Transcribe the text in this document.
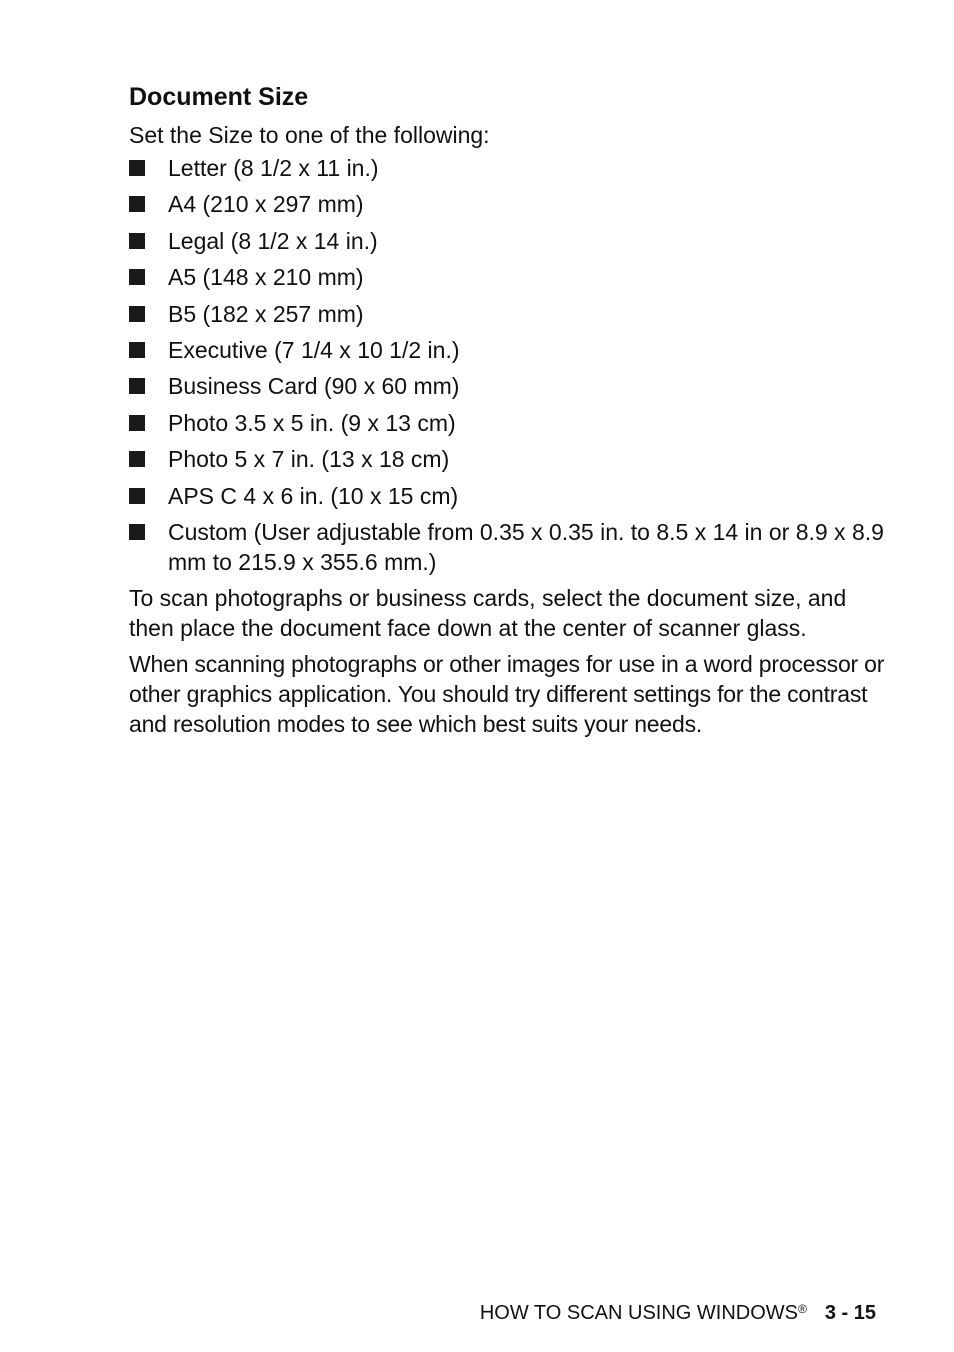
Document Size

Set the Size to one of the following:

Letter (8 1/2 x 11 in.)
A4 (210 x 297 mm)
Legal (8 1/2 x 14 in.)
A5 (148 x 210 mm)
B5 (182 x 257 mm)
Executive (7 1/4 x 10 1/2 in.)
Business Card (90 x 60 mm)
Photo 3.5 x 5 in. (9 x 13 cm)
Photo 5 x 7 in. (13 x 18 cm)
APS C 4 x 6 in. (10 x 15 cm)
Custom (User adjustable from 0.35 x 0.35 in. to 8.5 x 14 in or 8.9 x 8.9 mm to 215.9 x 355.6 mm.)

To scan photographs or business cards, select the document size, and then place the document face down at the center of scanner glass.

When scanning photographs or other images for use in a word processor or other graphics application. You should try different settings for the contrast and resolution modes to see which best suits your needs.

HOW TO SCAN USING WINDOWS® 3 - 15
